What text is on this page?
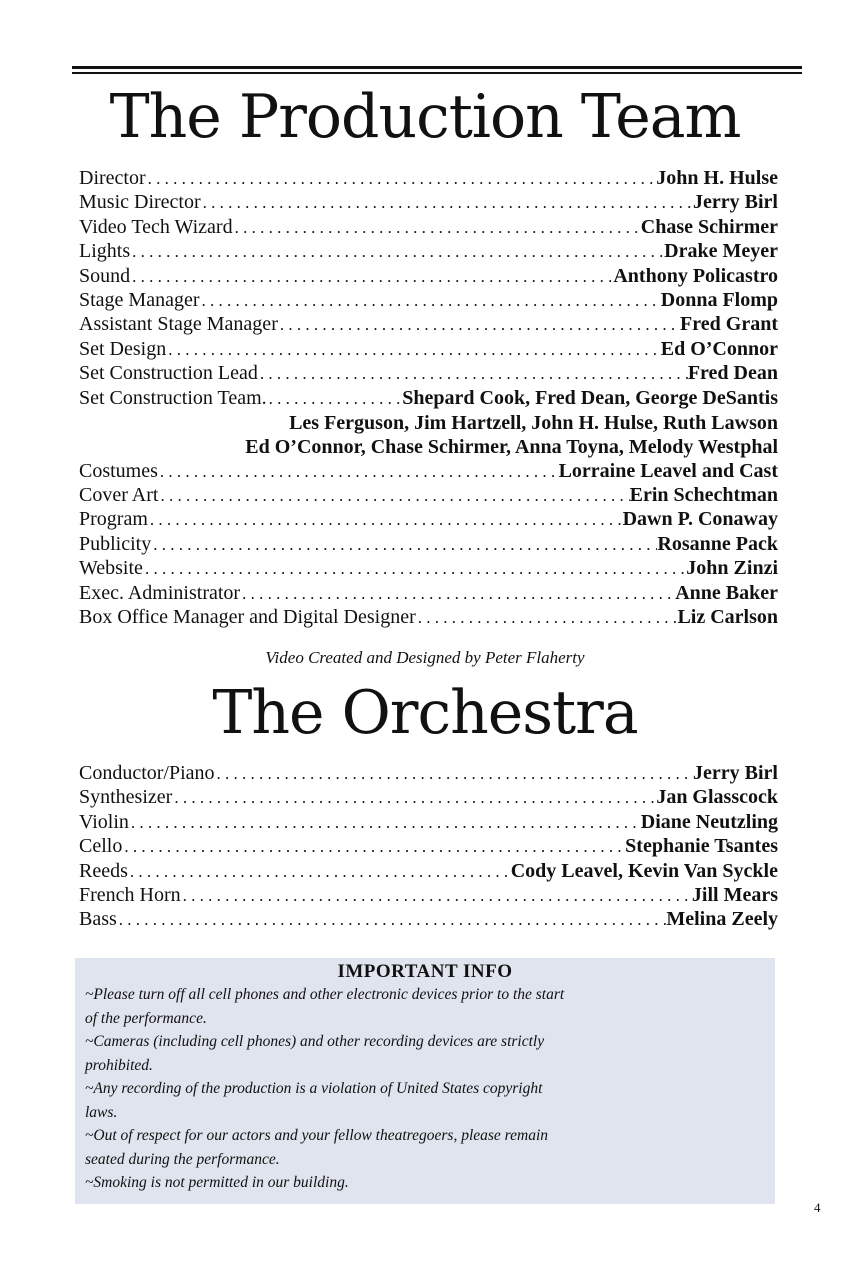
The Production Team
Director . . .	John H. Hulse
Music Director . . .	Jerry Birl
Video Tech Wizard . . .	Chase Schirmer
Lights . . .	Drake Meyer
Sound . . .	Anthony Policastro
Stage Manager . . .	Donna Flomp
Assistant Stage Manager . . .	Fred Grant
Set Design . . .	Ed O’Connor
Set Construction Lead . . .	Fred Dean
Set Construction Team. . . .	Shepard Cook, Fred Dean, George DeSantis
Les Ferguson, Jim Hartzell, John H. Hulse, Ruth Lawson
Ed O’Connor, Chase Schirmer, Anna Toyna, Melody Westphal
Costumes . . .	Lorraine Leavel and Cast
Cover Art . . .	Erin Schechtman
Program . . .	Dawn P. Conaway
Publicity . . .	Rosanne Pack
Website . . .	John Zinzi
Exec. Administrator . . .	Anne Baker
Box Office Manager and Digital Designer . . .	Liz Carlson
Video Created and Designed by Peter Flaherty
The Orchestra
Conductor/Piano . . .	Jerry Birl
Synthesizer . . .	Jan Glasscock
Violin . . .	Diane Neutzling
Cello . . .	Stephanie Tsantes
Reeds . . .	Cody Leavel, Kevin Van Syckle
French Horn . . .	Jill Mears
Bass . . .	Melina Zeely
IMPORTANT INFO
~Please turn off all cell phones and other electronic devices prior to the start
of the performance.
~Cameras (including cell phones) and other recording devices are strictly
prohibited.
~Any recording of the production is a violation of United States copyright
laws.
~Out of respect for our actors and your fellow theatregoers, please remain
seated during the performance.
~Smoking is not permitted in our building.
4
